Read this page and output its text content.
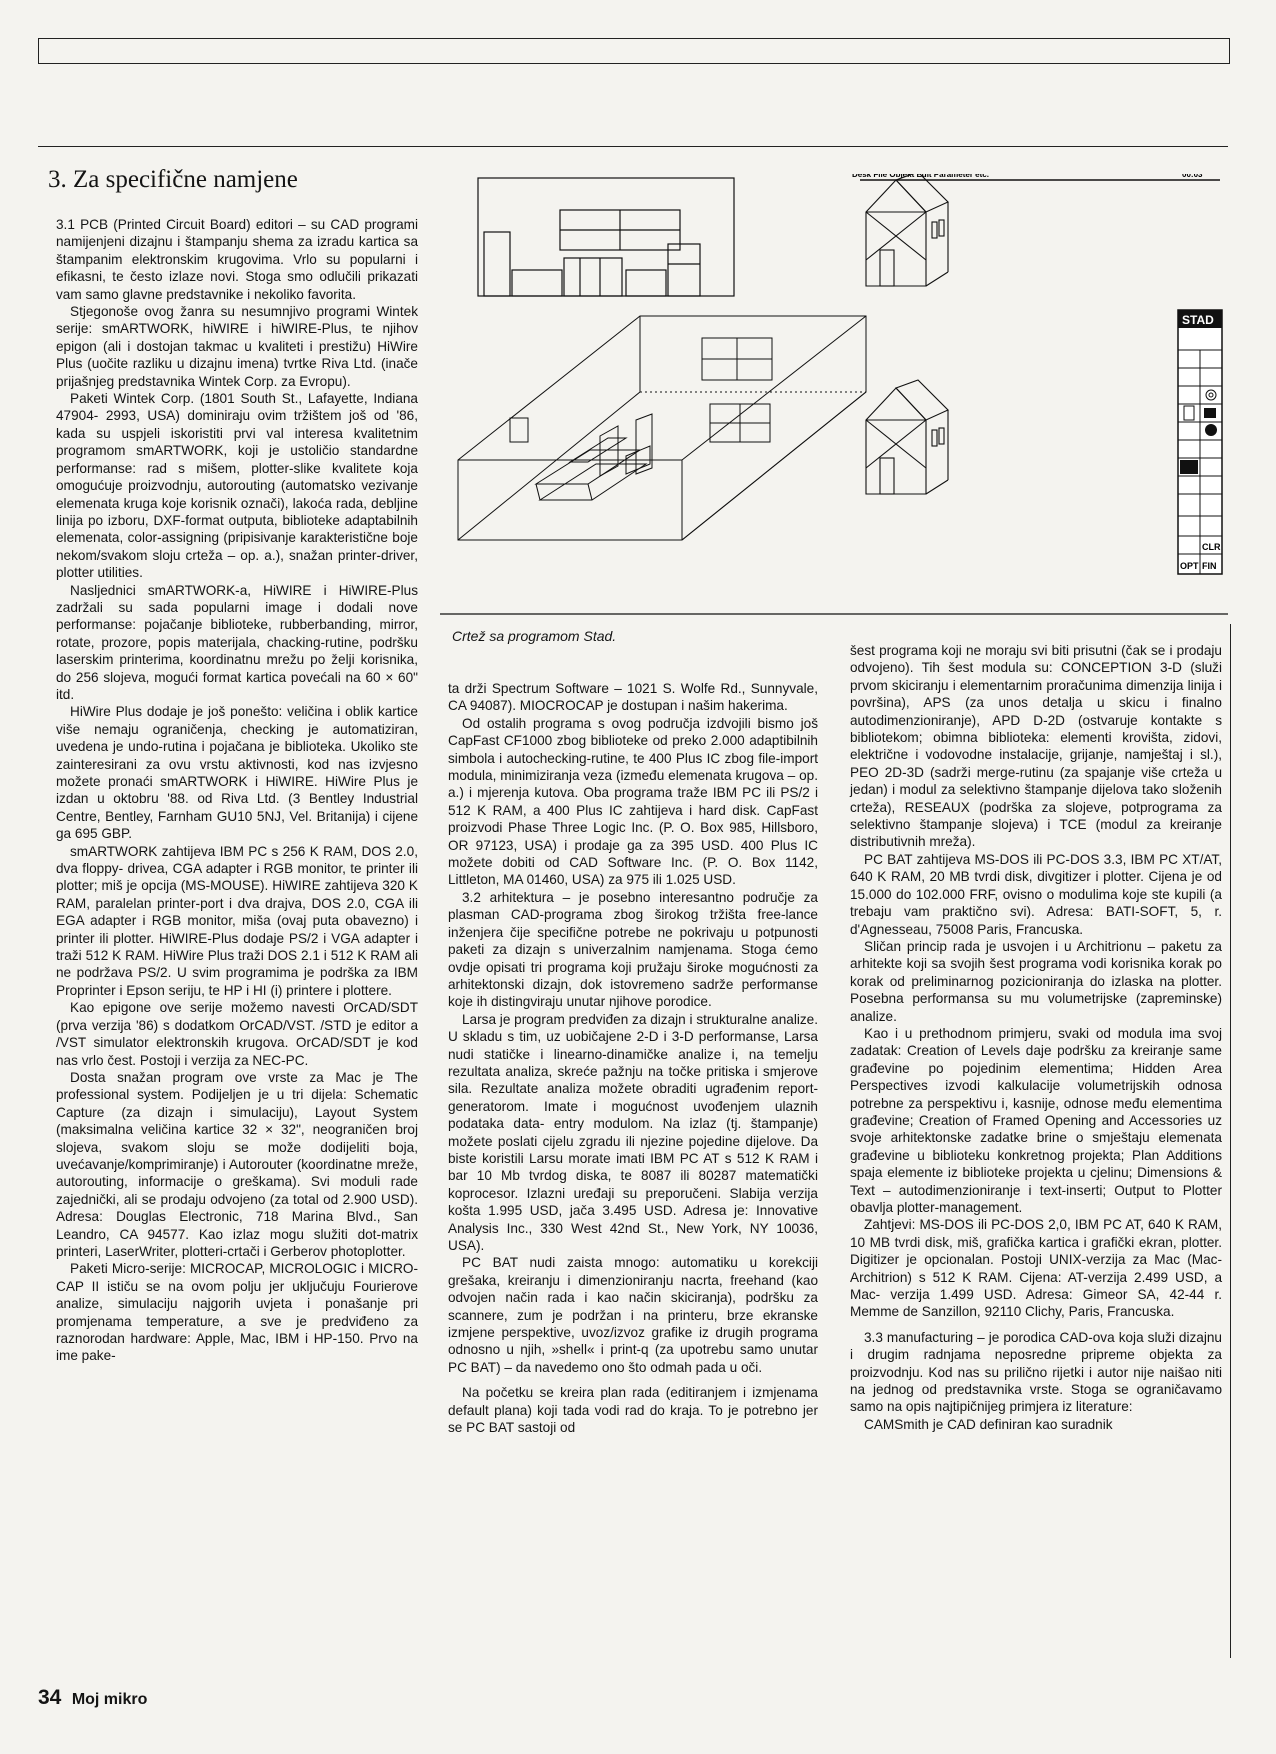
3. Za specifične namjene	Desk File Objekt Edit Parameter etc.	00:03
STAD
CLR
OPT FIN
Crtež sa programom Stad.

3.1 PCB (Printed Circuit Board) editori – su CAD programi namijenjeni dizajnu i štampanju shema za izradu kartica sa štampanim elektronskim krugovima. Vrlo su popularni i efikasni, te često izlaze novi. Stoga smo odlučili prikazati vam samo glavne predstavnike i nekoliko favorita.

Stjegonoše ovog žanra su nesumnjivo programi Wintek serije: smARTWORK, hiWIRE i hiWIRE-Plus, te njihov epigon (ali i dostojan takmac u kvaliteti i prestižu) HiWire Plus (uočite razliku u dizajnu imena) tvrtke Riva Ltd. (inače prijašnjeg predstavnika Wintek Corp. za Evropu).

Paketi Wintek Corp. (1801 South St., Lafayette, Indiana 47904- 2993, USA) dominiraju ovim tržištem još od '86, kada su uspjeli iskoristiti prvi val interesa kvalitetnim programom smARTWORK, koji je ustoličio standardne performanse: rad s mišem, plotter-slike kvalitete koja omogućuje proizvodnju, autorouting (automatsko vezivanje elemenata kruga koje korisnik označi), lakoća rada, debljine linija po izboru, DXF-format outputa, biblioteke adaptabilnih elemenata, color-assigning (pripisivanje karakteristične boje nekom/svakom sloju crteža – op. a.), snažan printer-driver, plotter utilities.

Nasljednici smARTWORK-a, HiWIRE i HiWIRE-Plus zadržali su sada popularni image i dodali nove performanse: pojačanje biblioteke, rubberbanding, mirror, rotate, prozore, popis materijala, chacking-rutine, podršku laserskim printerima, koordinatnu mrežu po želji korisnika, do 256 slojeva, mogući format kartica povećali na 60 × 60" itd.

HiWire Plus dodaje je još ponešto: veličina i oblik kartice više nemaju ograničenja, checking je automatiziran, uvedena je undo-rutina i pojačana je biblioteka. Ukoliko ste zainteresirani za ovu vrstu aktivnosti, kod nas izvjesno možete pronaći smARTWORK i HiWIRE. HiWire Plus je izdan u oktobru '88. od Riva Ltd. (3 Bentley Industrial Centre, Bentley, Farnham GU10 5NJ, Vel. Britanija) i cijene ga 695 GBP.

smARTWORK zahtijeva IBM PC s 256 K RAM, DOS 2.0, dva floppy- drivea, CGA adapter i RGB monitor, te printer ili plotter; miš je opcija (MS-MOUSE). HiWIRE zahtijeva 320 K RAM, paralelan printer-port i dva drajva, DOS 2.0, CGA ili EGA adapter i RGB monitor, miša (ovaj puta obavezno) i printer ili plotter. HiWIRE-Plus dodaje PS/2 i VGA adapter i traži 512 K RAM. HiWire Plus traži DOS 2.1 i 512 K RAM ali ne podržava PS/2. U svim programima je podrška za IBM Proprinter i Epson seriju, te HP i HI (i) printere i plottere.

Kao epigone ove serije možemo navesti OrCAD/SDT (prva verzija '86) s dodatkom OrCAD/VST. /STD je editor a /VST simulator elektronskih krugova. OrCAD/SDT je kod nas vrlo čest. Postoji i verzija za NEC-PC.

Dosta snažan program ove vrste za Mac je The professional system. Podijeljen je u tri dijela: Schematic Capture (za dizajn i simulaciju), Layout System (maksimalna veličina kartice 32 × 32", neograničen broj slojeva, svakom sloju se može dodijeliti boja, uvećavanje/komprimiranje) i Autorouter (koordinatne mreže, autorouting, informacije o greškama). Svi moduli rade zajednički, ali se prodaju odvojeno (za total od 2.900 USD). Adresa: Douglas Electronic, 718 Marina Blvd., San Leandro, CA 94577. Kao izlaz mogu služiti dot-matrix printeri, LaserWriter, plotteri-crtači i Gerberov photoplotter.

Paketi Micro-serije: MICROCAP, MICROLOGIC i MICRO-CAP II ističu se na ovom polju jer uključuju Fourierove analize, simulaciju najgorih uvjeta i ponašanje pri promjenama temperature, a sve je predviđeno za raznorodan hardware: Apple, Mac, IBM i HP-150. Prvo na ime pake-

ta drži Spectrum Software – 1021 S. Wolfe Rd., Sunnyvale, CA 94087). MIOCROCAP je dostupan i našim hakerima.

Od ostalih programa s ovog područja izdvojili bismo još CapFast CF1000 zbog biblioteke od preko 2.000 adaptibilnih simbola i autochecking-rutine, te 400 Plus IC zbog file-import modula, minimiziranja veza (između elemenata krugova – op. a.) i mjerenja kutova. Oba programa traže IBM PC ili PS/2 i 512 K RAM, a 400 Plus IC zahtijeva i hard disk. CapFast proizvodi Phase Three Logic Inc. (P. O. Box 985, Hillsboro, OR 97123, USA) i prodaje ga za 395 USD. 400 Plus IC možete dobiti od CAD Software Inc. (P. O. Box 1142, Littleton, MA 01460, USA) za 975 ili 1.025 USD.

3.2 arhitektura – je posebno interesantno područje za plasman CAD-programa zbog širokog tržišta free-lance inženjera čije specifične potrebe ne pokrivaju u potpunosti paketi za dizajn s univerzalnim namjenama. Stoga ćemo ovdje opisati tri programa koji pružaju široke mogućnosti za arhitektonski dizajn, dok istovremeno sadrže performanse koje ih distingviraju unutar njihove porodice.

Larsa je program predviđen za dizajn i strukturalne analize. U skladu s tim, uz uobičajene 2-D i 3-D performanse, Larsa nudi statičke i linearno-dinamičke analize i, na temelju rezultata analiza, skreće pažnju na točke pritiska i smjerove sila. Rezultate analiza možete obraditi ugrađenim report- generatorom. Imate i mogućnost uvođenjem ulaznih podataka data- entry modulom. Na izlaz (tj. štampanje) možete poslati cijelu zgradu ili njezine pojedine dijelove. Da biste koristili Larsu morate imati IBM PC AT s 512 K RAM i bar 10 Mb tvrdog diska, te 8087 ili 80287 matematički koprocesor. Izlazni uređaji su preporučeni. Slabija verzija košta 1.995 USD, jača 3.495 USD. Adresa je: Innovative Analysis Inc., 330 West 42nd St., New York, NY 10036, USA).

PC BAT nudi zaista mnogo: automatiku u korekciji grešaka, kreiranju i dimenzioniranju nacrta, freehand (kao odvojen način rada i kao način skiciranja), podršku za scannere, zum je podržan i na printeru, brze ekranske izmjene perspektive, uvoz/izvoz grafike iz drugih programa odnosno u njih, »shell« i print-q (za upotrebu samo unutar PC BAT) – da navedemo ono što odmah pada u oči.

Na početku se kreira plan rada (editiranjem i izmjenama default plana) koji tada vodi rad do kraja. To je potrebno jer se PC BAT sastoji od

šest programa koji ne moraju svi biti prisutni (čak se i prodaju odvojeno). Tih šest modula su: CONCEPTION 3-D (služi prvom skiciranju i elementarnim proračunima dimenzija linija i površina), APS (za unos detalja u skicu i finalno autodimenzioniranje), APD D-2D (ostvaruje kontakte s bibliotekom; obimna biblioteka: elementi krovišta, zidovi, električne i vodovodne instalacije, grijanje, namještaj i sl.), PEO 2D-3D (sadrži merge-rutinu (za spajanje više crteža u jedan) i modul za selektivno štampanje dijelova tako složenih crteža), RESEAUX (podrška za slojeve, potprograma za selektivno štampanje slojeva) i TCE (modul za kreiranje distributivnih mreža).

PC BAT zahtijeva MS-DOS ili PC-DOS 3.3, IBM PC XT/AT, 640 K RAM, 20 MB tvrdi disk, divgitizer i plotter. Cijena je od 15.000 do 102.000 FRF, ovisno o modulima koje ste kupili (a trebaju vam praktično svi). Adresa: BATI-SOFT, 5, r. d'Agnesseau, 75008 Paris, Francuska.

Sličan princip rada je usvojen i u Architrionu – paketu za arhitekte koji sa svojih šest programa vodi korisnika korak po korak od preliminarnog pozicioniranja do izlaska na plotter. Posebna performansa su mu volumetrijske (zapreminske) analize.

Kao i u prethodnom primjeru, svaki od modula ima svoj zadatak: Creation of Levels daje podršku za kreiranje same građevine po pojedinim elementima; Hidden Area Perspectives izvodi kalkulacije volumetrijskih odnosa potrebne za perspektivu i, kasnije, odnose među elementima građevine; Creation of Framed Opening and Accessories uz svoje arhitektonske zadatke brine o smještaju elemenata građevine u biblioteku konkretnog projekta; Plan Additions spaja elemente iz biblioteke projekta u cjelinu; Dimensions & Text – autodimenzioniranje i text-inserti; Output to Plotter obavlja plotter-management.

Zahtjevi: MS-DOS ili PC-DOS 2,0, IBM PC AT, 640 K RAM, 10 MB tvrdi disk, miš, grafička kartica i grafički ekran, plotter. Digitizer je opcionalan. Postoji UNIX-verzija za Mac (Mac- Architrion) s 512 K RAM. Cijena: AT-verzija 2.499 USD, a Mac- verzija 1.499 USD. Adresa: Gimeor SA, 42-44 r. Memme de Sanzillon, 92110 Clichy, Paris, Francuska.

3.3 manufacturing – je porodica CAD-ova koja služi dizajnu i drugim radnjama neposredne pripreme objekta za proizvodnju. Kod nas su prilično rijetki i autor nije naišao niti na jednog od predstavnika vrste. Stoga se ograničavamo samo na opis najtipičnijeg primjera iz literature:

CAMSmith je CAD definiran kao suradnik

34 Moj mikro
